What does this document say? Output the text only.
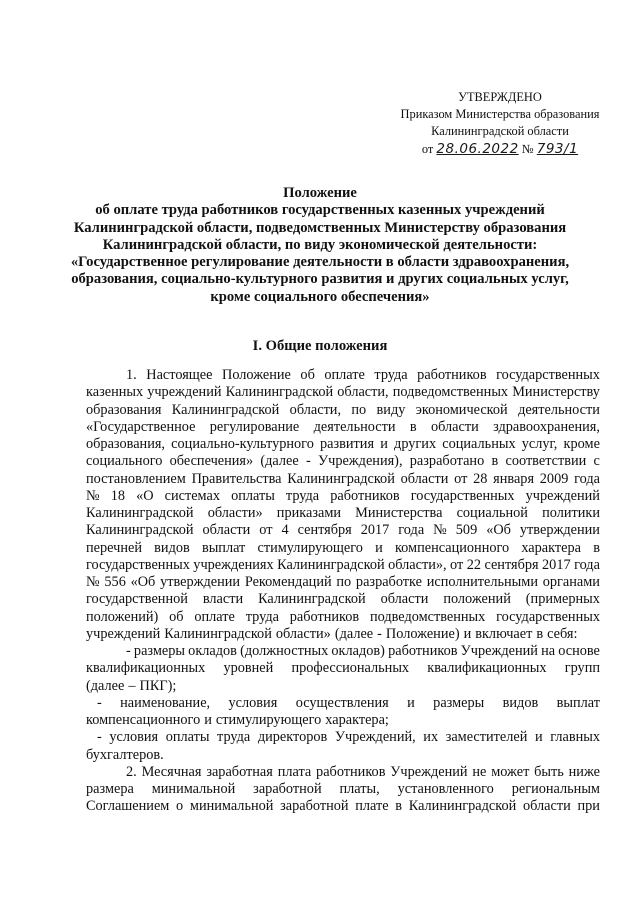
УТВЕРЖДЕНО
Приказом Министерства образования
Калининградской области
от 28.06.2022 № 793/1
Положение
об оплате труда работников государственных казенных учреждений
Калининградской области, подведомственных Министерству образования
Калининградской области, по виду экономической деятельности:
«Государственное регулирование деятельности в области здравоохранения,
образования, социально-культурного развития и других социальных услуг,
кроме социального обеспечения»
I. Общие положения
1. Настоящее Положение об оплате труда работников государственных
казенных учреждений Калининградской области, подведомственных Министерству
образования Калининградской области, по виду экономической деятельности
«Государственное регулирование деятельности в области здравоохранения,
образования, социально-культурного развития и других социальных услуг, кроме
социального обеспечения» (далее - Учреждения), разработано в соответствии с
постановлением Правительства Калининградской области от 28 января 2009 года
№ 18 «О системах оплаты труда работников государственных учреждений
Калининградской области» приказами Министерства социальной политики
Калининградской области от 4 сентября 2017 года № 509 «Об утверждении
перечней видов выплат стимулирующего и компенсационного характера в
государственных учреждениях Калининградской области», от 22 сентября 2017 года
№ 556 «Об утверждении Рекомендаций по разработке исполнительными органами
государственной власти Калининградской области положений (примерных
положений) об оплате труда работников подведомственных государственных
учреждений Калининградской области» (далее - Положение) и включает в себя:
- размеры окладов (должностных окладов) работников Учреждений на основе
квалификационных уровней профессиональных квалификационных групп
(далее – ПКГ);
- наименование, условия осуществления и размеры видов выплат
компенсационного и стимулирующего характера;
- условия оплаты труда директоров Учреждений, их заместителей и главных
бухгалтеров.
2. Месячная заработная плата работников Учреждений не может быть ниже
размера минимальной заработной платы, установленного региональным
Соглашением о минимальной заработной плате в Калининградской области при
